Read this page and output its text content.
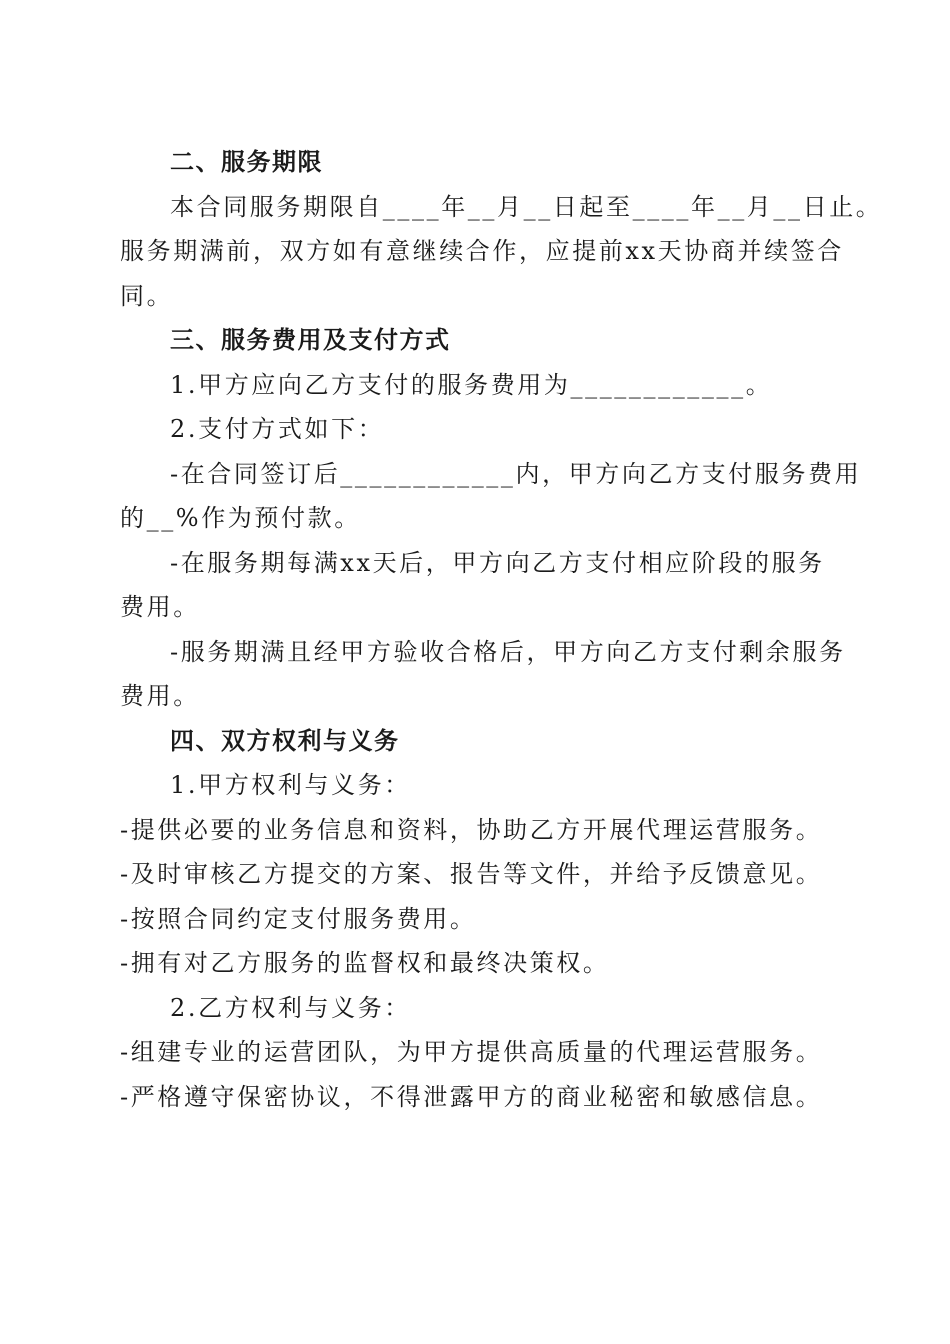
二、服务期限
本合同服务期限自____年__月__日起至____年__月__日止。
服务期满前，双方如有意继续合作，应提前xx天协商并续签合
同。
三、服务费用及支付方式
1.甲方应向乙方支付的服务费用为____________。
2.支付方式如下：
-在合同签订后____________内，甲方向乙方支付服务费用
的__%作为预付款。
-在服务期每满xx天后，甲方向乙方支付相应阶段的服务
费用。
-服务期满且经甲方验收合格后，甲方向乙方支付剩余服务
费用。
四、双方权利与义务
1.甲方权利与义务：
-提供必要的业务信息和资料，协助乙方开展代理运营服务。
-及时审核乙方提交的方案、报告等文件，并给予反馈意见。
-按照合同约定支付服务费用。
-拥有对乙方服务的监督权和最终决策权。
2.乙方权利与义务：
-组建专业的运营团队，为甲方提供高质量的代理运营服务。
-严格遵守保密协议，不得泄露甲方的商业秘密和敏感信息。
